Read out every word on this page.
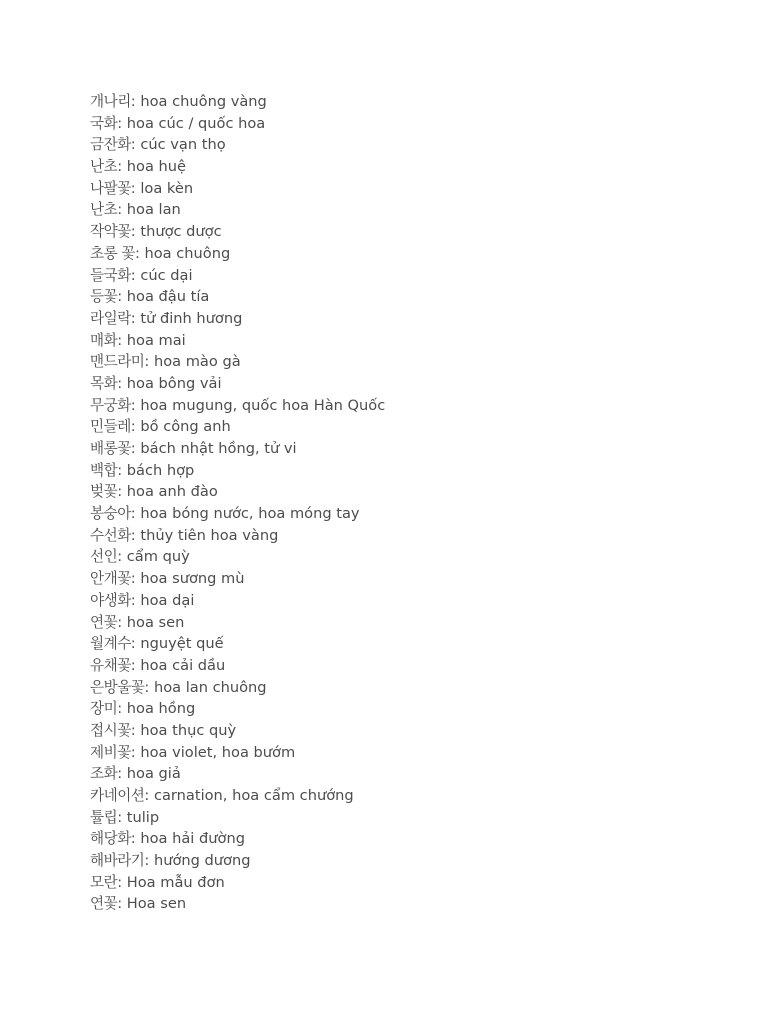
개나리: hoa chuông vàng
국화: hoa cúc / quốc hoa
금잔화: cúc vạn thọ
난초: hoa huệ
나팔꽃: loa kèn
난초: hoa lan
작약꽃: thược dược
초롱 꽃: hoa chuông
들국화: cúc dại
등꽃: hoa đậu tía
라일락: tử đinh hương
매화: hoa mai
맨드라미: hoa mào gà
목화: hoa bông vải
무궁화: hoa mugung, quốc hoa Hàn Quốc
민들레: bồ công anh
배롱꽃: bách nhật hồng, tử vi
백합: bách hợp
벚꽃: hoa anh đào
봉숭아: hoa bóng nước, hoa móng tay
수선화: thủy tiên hoa vàng
선인: cẩm quỳ
안개꽃: hoa sương mù
야생화: hoa dại
연꽃: hoa sen
월계수: nguyệt quế
유채꽃: hoa cải dầu
은방울꽃: hoa lan chuông
장미: hoa hồng
접시꽃: hoa thục quỳ
제비꽃: hoa violet, hoa bướm
조화: hoa giả
카네이션: carnation, hoa cẩm chướng
튤립: tulip
해당화: hoa hải đường
해바라기: hướng dương
모란: Hoa mẫu đơn
연꽃: Hoa sen
